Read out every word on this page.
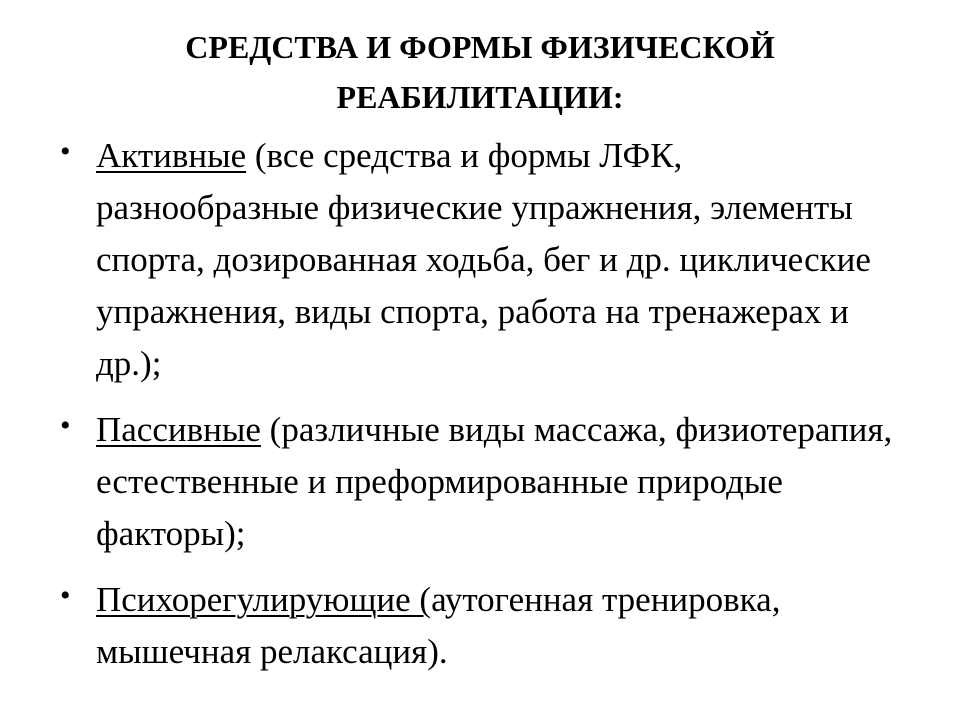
СРЕДСТВА И ФОРМЫ ФИЗИЧЕСКОЙ
РЕАБИЛИТАЦИИ:
• Активные (все средства и формы ЛФК, разнообразные физические упражнения, элементы спорта, дозированная ходьба, бег и др. циклические упражнения, виды спорта, работа на тренажерах и др.);
• Пассивные (различные виды массажа, физиотерапия, естественные и преформированные природые факторы);
• Психорегулирующие (аутогенная тренировка, мышечная релаксация).
